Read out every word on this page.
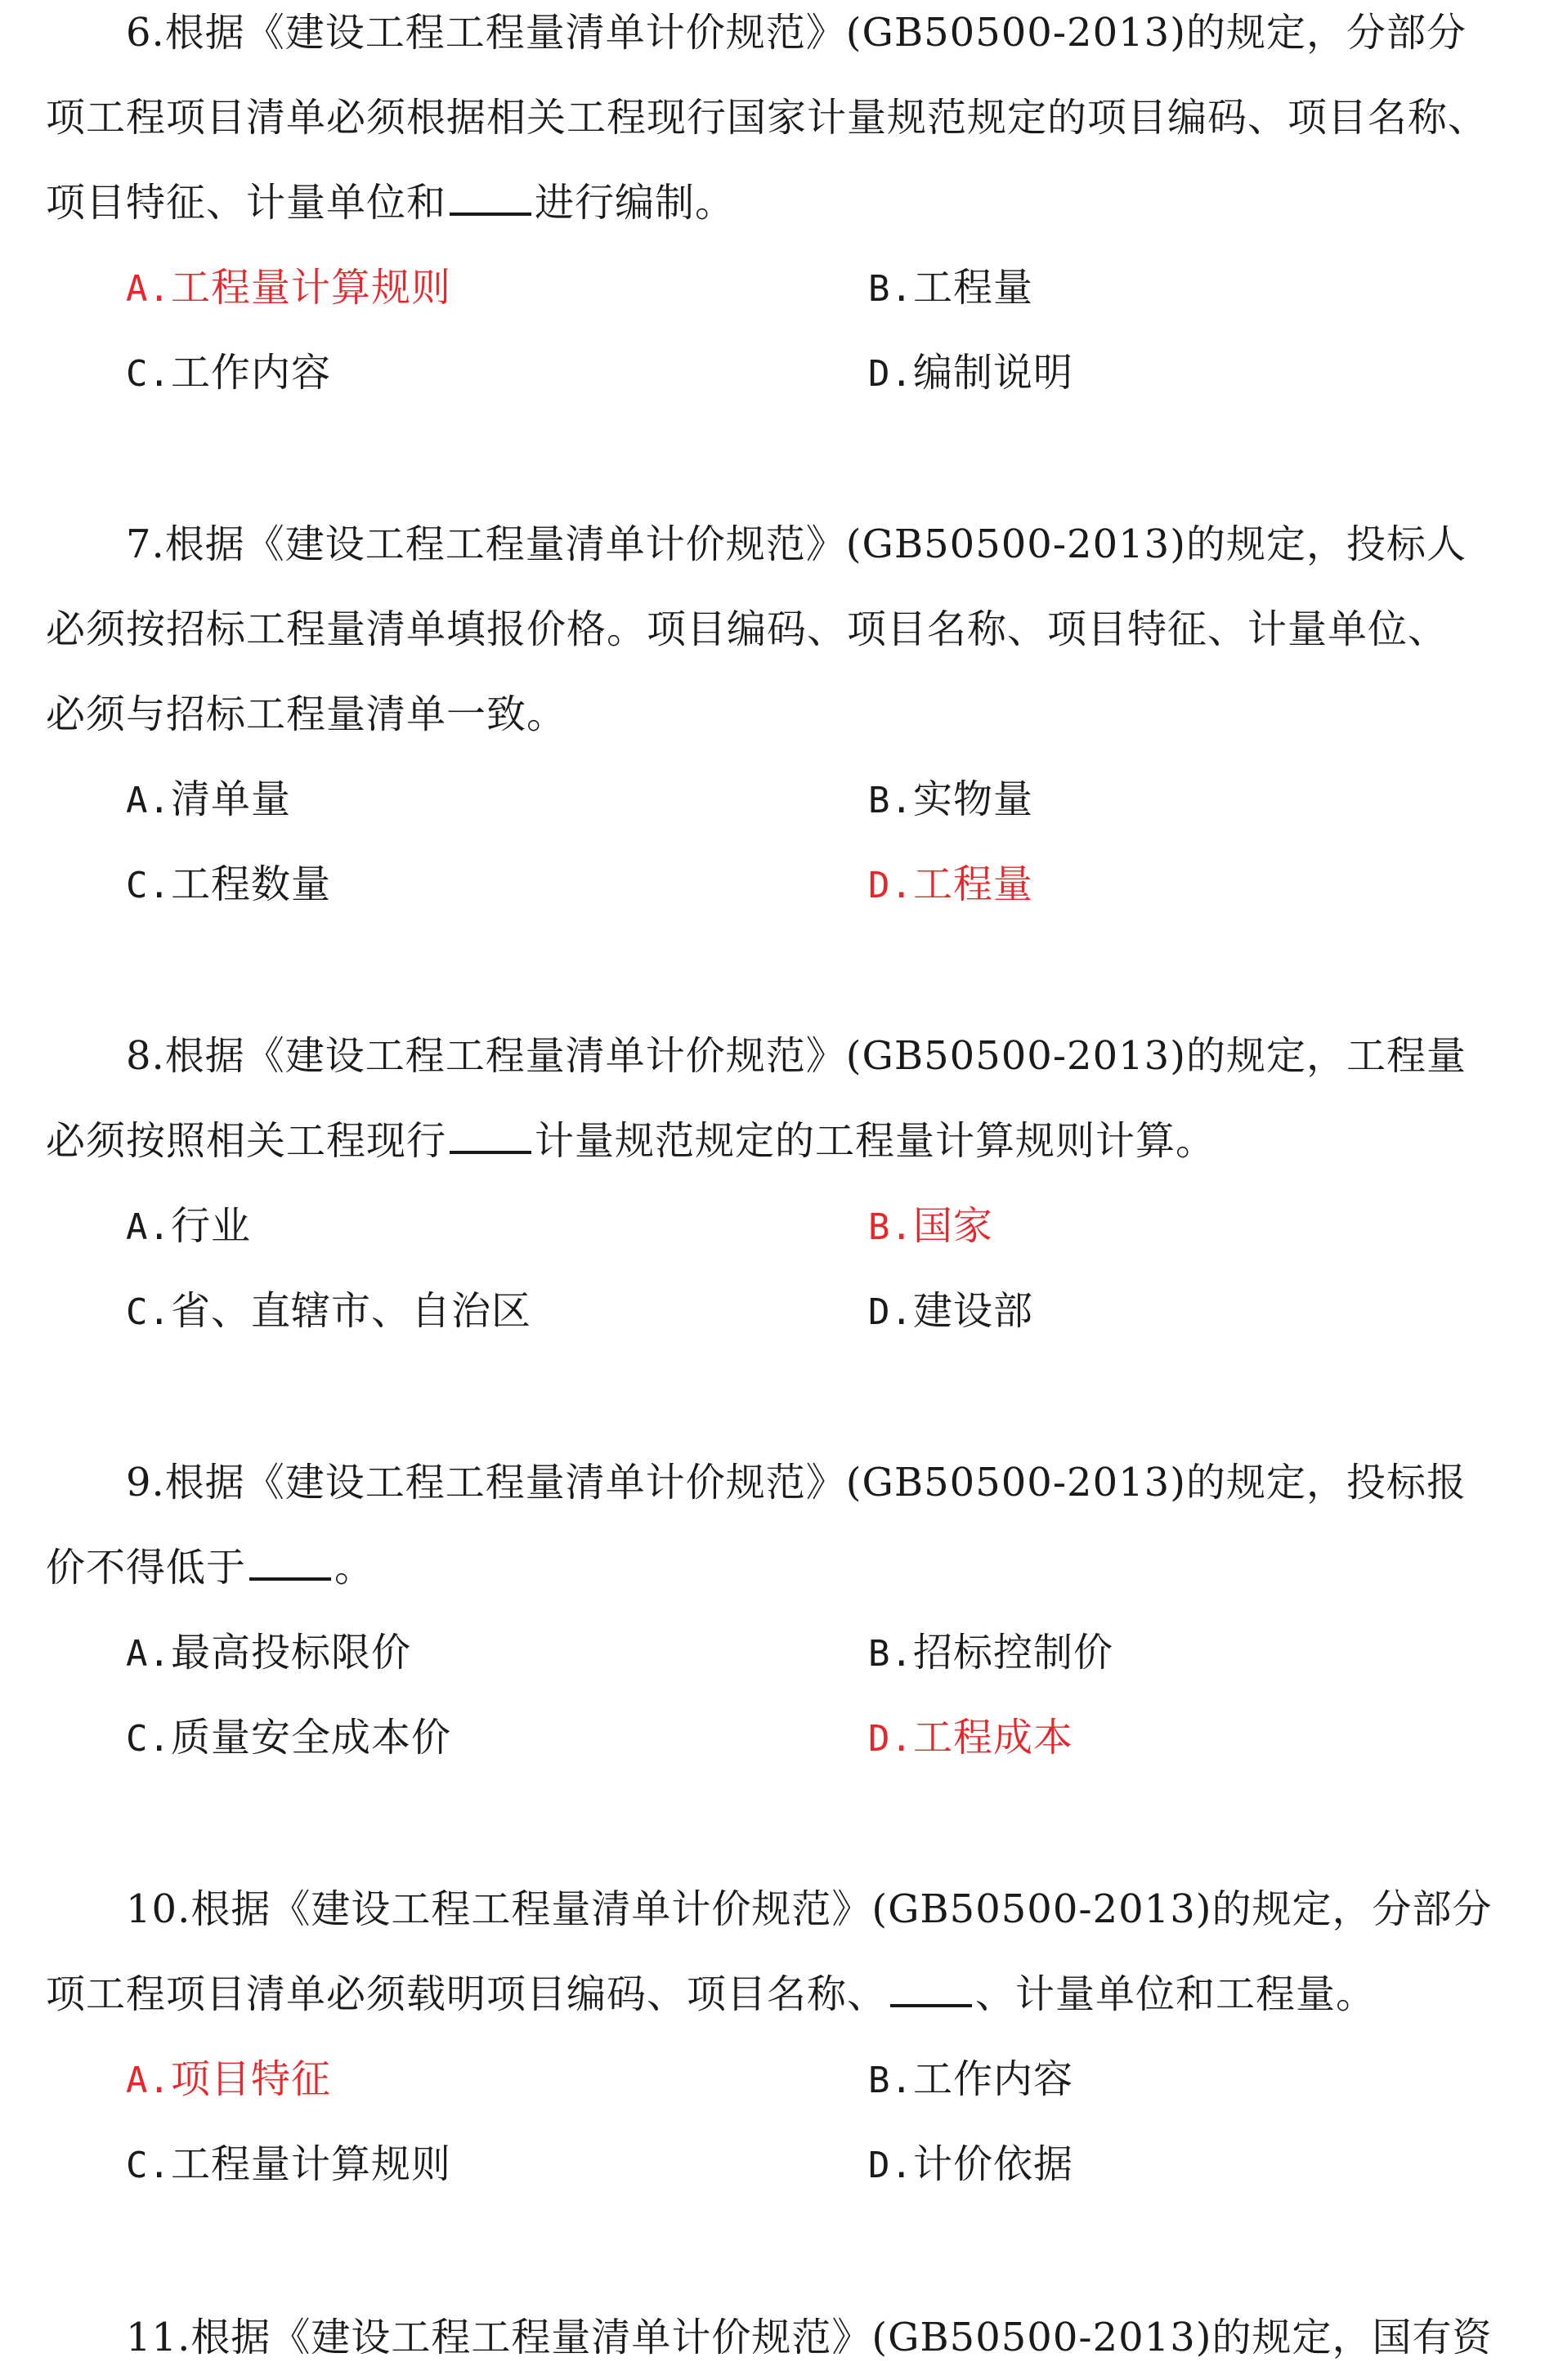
6.根据《建设工程工程量清单计价规范》(GB50500-2013)的规定，分部分
项工程项目清单必须根据相关工程现行国家计量规范规定的项目编码、项目名称、
项目特征、计量单位和 进行编制。
A.工程量计算规则	B.工程量
C.工作内容	D.编制说明
7.根据《建设工程工程量清单计价规范》(GB50500-2013)的规定，投标人
必须按招标工程量清单填报价格。项目编码、项目名称、项目特征、计量单位、
必须与招标工程量清单一致。
A.清单量	B.实物量
C.工程数量	D.工程量
8.根据《建设工程工程量清单计价规范》(GB50500-2013)的规定，工程量
必须按照相关工程现行 计量规范规定的工程量计算规则计算。
A.行业	B.国家
C.省、直辖市、自治区	D.建设部
9.根据《建设工程工程量清单计价规范》(GB50500-2013)的规定，投标报
价不得低于 。
A.最高投标限价	B.招标控制价
C.质量安全成本价	D.工程成本
10.根据《建设工程工程量清单计价规范》(GB50500-2013)的规定，分部分
项工程项目清单必须载明项目编码、项目名称、 、计量单位和工程量。
A.项目特征	B.工作内容
C.工程量计算规则	D.计价依据
11.根据《建设工程工程量清单计价规范》(GB50500-2013)的规定，国有资
